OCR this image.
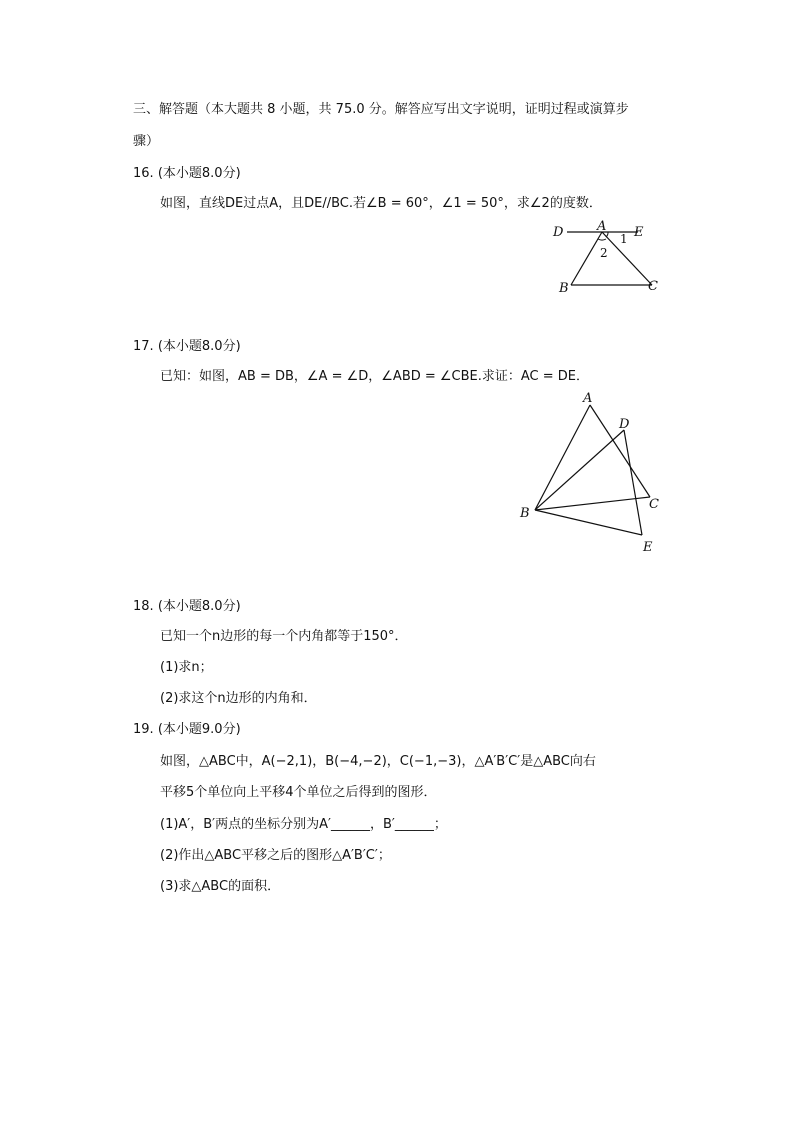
三、解答题（本大题共 8 小题，共 75.0 分。解答应写出文字说明，证明过程或演算步
骤）
16. (本小题8.0分)
如图，直线DE过点A，且DE//BC.若∠B = 60°，∠1 = 50°，求∠2的度数．
D	A E
1
2
B	C
17. (本小题8.0分)
已知：如图，AB = DB，∠A = ∠D，∠ABD = ∠CBE.求证：AC = DE．
A
D
C
B
E
18. (本小题8.0分)
已知一个n边形的每一个内角都等于150°．
(1)求n；
(2)求这个n边形的内角和．
19. (本小题9.0分)
如图，△ABC中，A(−2,1)，B(−4,−2)，C(−1,−3)，△A′B′C′是△ABC向右
平移5个单位向上平移4个单位之后得到的图形．
(1)A′，B′两点的坐标分别为A′______，B′______；
(2)作出△ABC平移之后的图形△A′B′C′；
(3)求△ABC的面积．
